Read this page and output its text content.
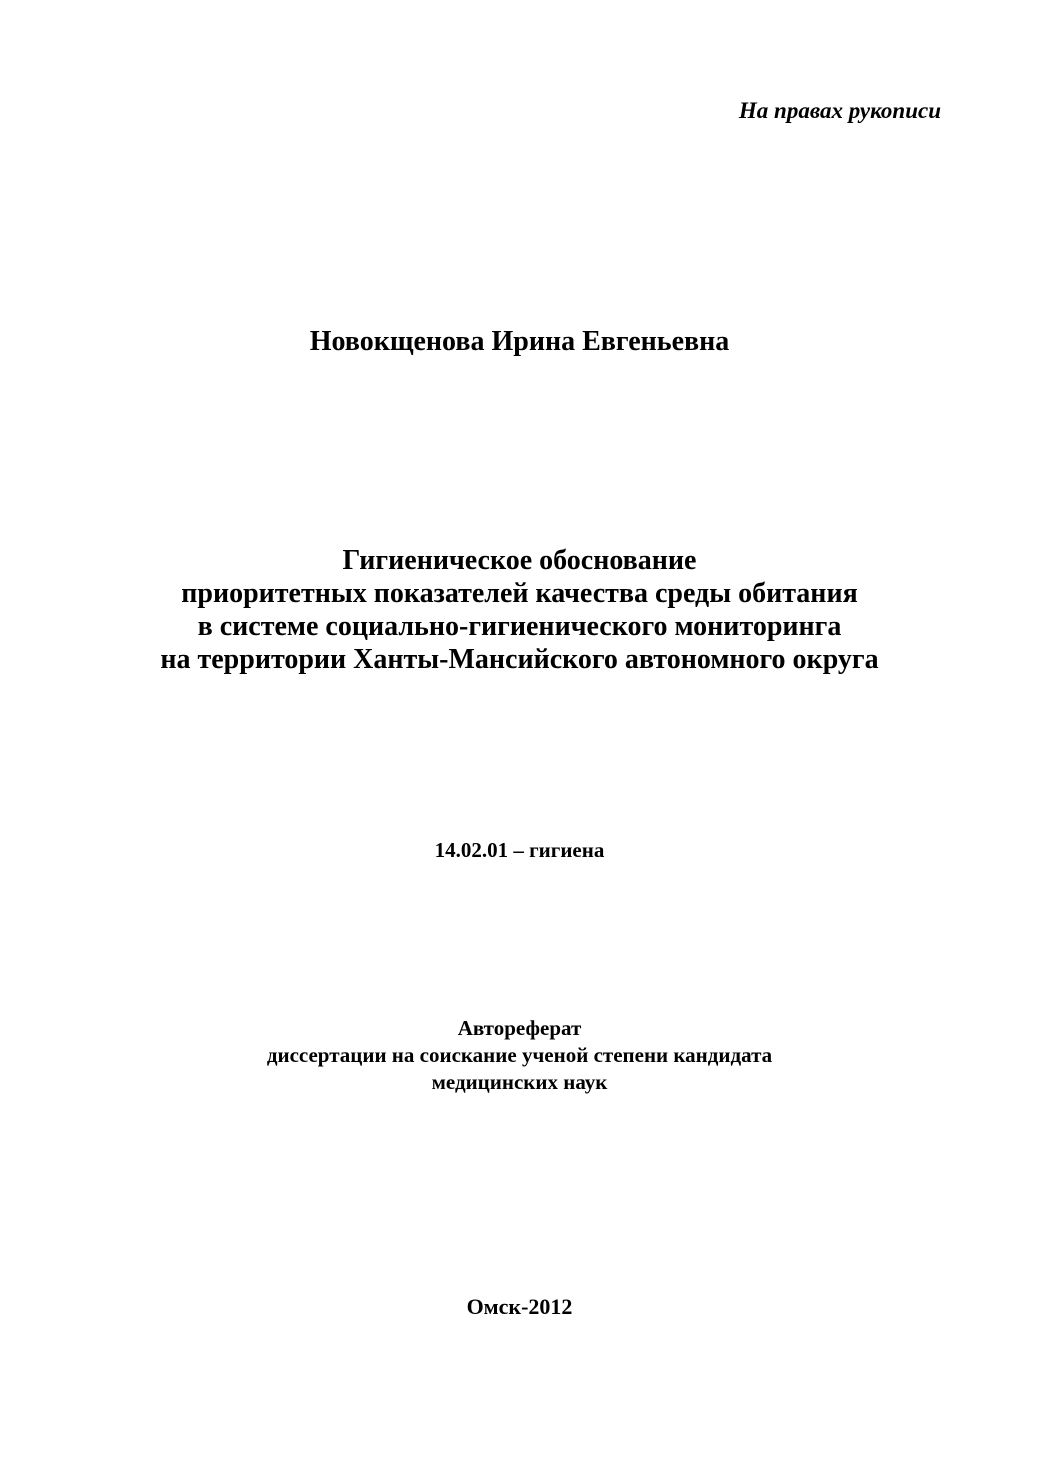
На правах рукописи
Новокщенова Ирина Евгеньевна
Гигиеническое обоснование
приоритетных показателей качества среды обитания
в системе социально-гигиенического мониторинга
на территории Ханты-Мансийского автономного округа
14.02.01 – гигиена
Автореферат
диссертации на соискание ученой степени кандидата
медицинских наук
Омск-2012
